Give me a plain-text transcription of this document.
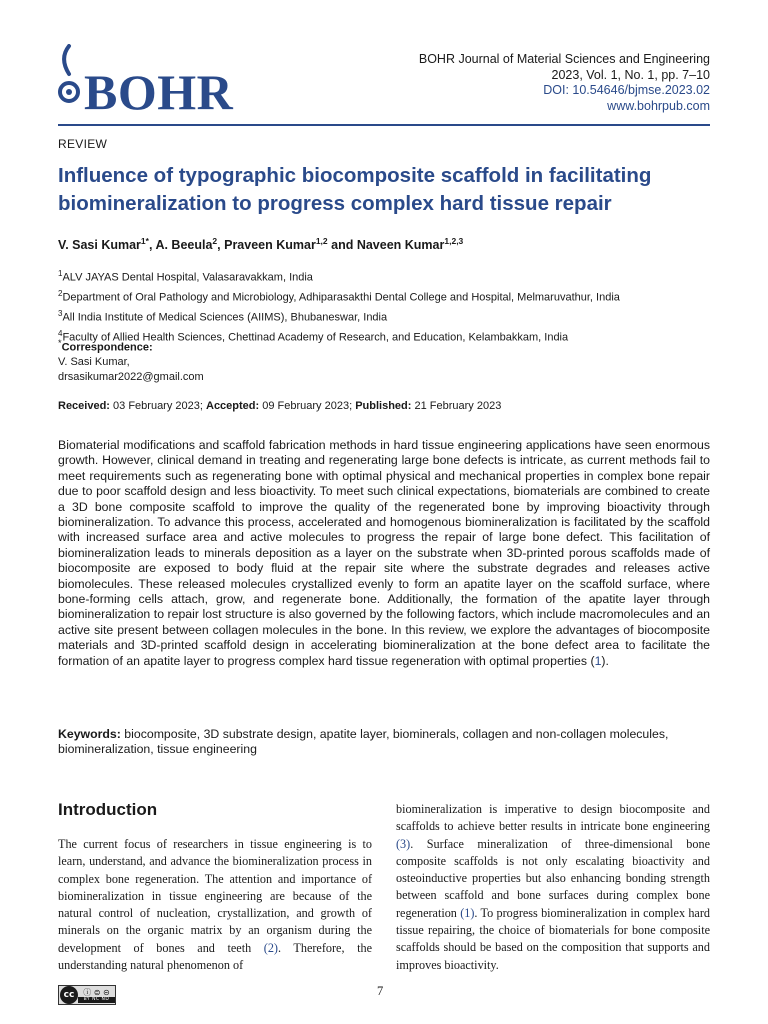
BOHR
BOHR Journal of Material Sciences and Engineering
2023, Vol. 1, No. 1, pp. 7–10
DOI: 10.54646/bjmse.2023.02
www.bohrpub.com
REVIEW
Influence of typographic biocomposite scaffold in facilitating biomineralization to progress complex hard tissue repair
V. Sasi Kumar$^{1*}$, A. Beeula$^2$, Praveen Kumar$^{1,2}$ and Naveen Kumar$^{1,2,3}$
$^1$ALV JAYAS Dental Hospital, Valasaravakkam, India
$^2$Department of Oral Pathology and Microbiology, Adhiparasakthi Dental College and Hospital, Melmaruvathur, India
$^3$All India Institute of Medical Sciences (AIIMS), Bhubaneswar, India
$^4$Faculty of Allied Health Sciences, Chettinad Academy of Research, and Education, Kelambakkam, India
*Correspondence:
V. Sasi Kumar,
drsasikumar2022@gmail.com
Received: 03 February 2023; Accepted: 09 February 2023; Published: 21 February 2023

Biomaterial modifications and scaffold fabrication methods in hard tissue engineering applications have seen enormous growth. However, clinical demand in treating and regenerating large bone defects is intricate, as current methods fail to meet requirements such as regenerating bone with optimal physical and mechanical properties in complex bone repair due to poor scaffold design and less bioactivity. To meet such clinical expectations, biomaterials are combined to create a 3D bone composite scaffold to improve the quality of the regenerated bone by improving bioactivity through biomineralization. To advance this process, accelerated and homogenous biomineralization is facilitated by the scaffold with increased surface area and active molecules to progress the repair of large bone defect. This facilitation of biomineralization leads to minerals deposition as a layer on the substrate when 3D-printed porous scaffolds made of biocomposite are exposed to body fluid at the repair site where the substrate degrades and releases active biomolecules. These released molecules crystallized evenly to form an apatite layer on the scaffold surface, where bone-forming cells attach, grow, and regenerate bone. Additionally, the formation of the apatite layer through biomineralization to repair lost structure is also governed by the following factors, which include macromolecules and an active site present between collagen molecules in the bone. In this review, we explore the advantages of biocomposite materials and 3D-printed scaffold design in accelerating biomineralization at the bone defect area to facilitate the formation of an apatite layer to progress complex hard tissue regeneration with optimal properties (1).

Keywords: biocomposite, 3D substrate design, apatite layer, biominerals, collagen and non-collagen molecules, biomineralization, tissue engineering
Introduction

The current focus of researchers in tissue engineering is to learn, understand, and advance the biomineralization process in complex bone regeneration. The attention and importance of biomineralization in tissue engineering are because of the natural control of nucleation, crystallization, and growth of minerals on the organic matrix by an organism during the development of bones and teeth (2). Therefore, the understanding natural phenomenon of

biomineralization is imperative to design biocomposite and scaffolds to achieve better results in intricate bone engineering (3). Surface mineralization of three-dimensional bone composite scaffolds is not only escalating bioactivity and osteoinductive properties but also enhancing bonding strength between scaffold and bone surfaces during complex bone regeneration (1). To progress biomineralization in complex hard tissue repairing, the choice of biomaterials for bone composite scaffolds should be based on the composition that supports and improves bioactivity.

cc	ⓘ ⊜ ⊝
BY NC ND
7
